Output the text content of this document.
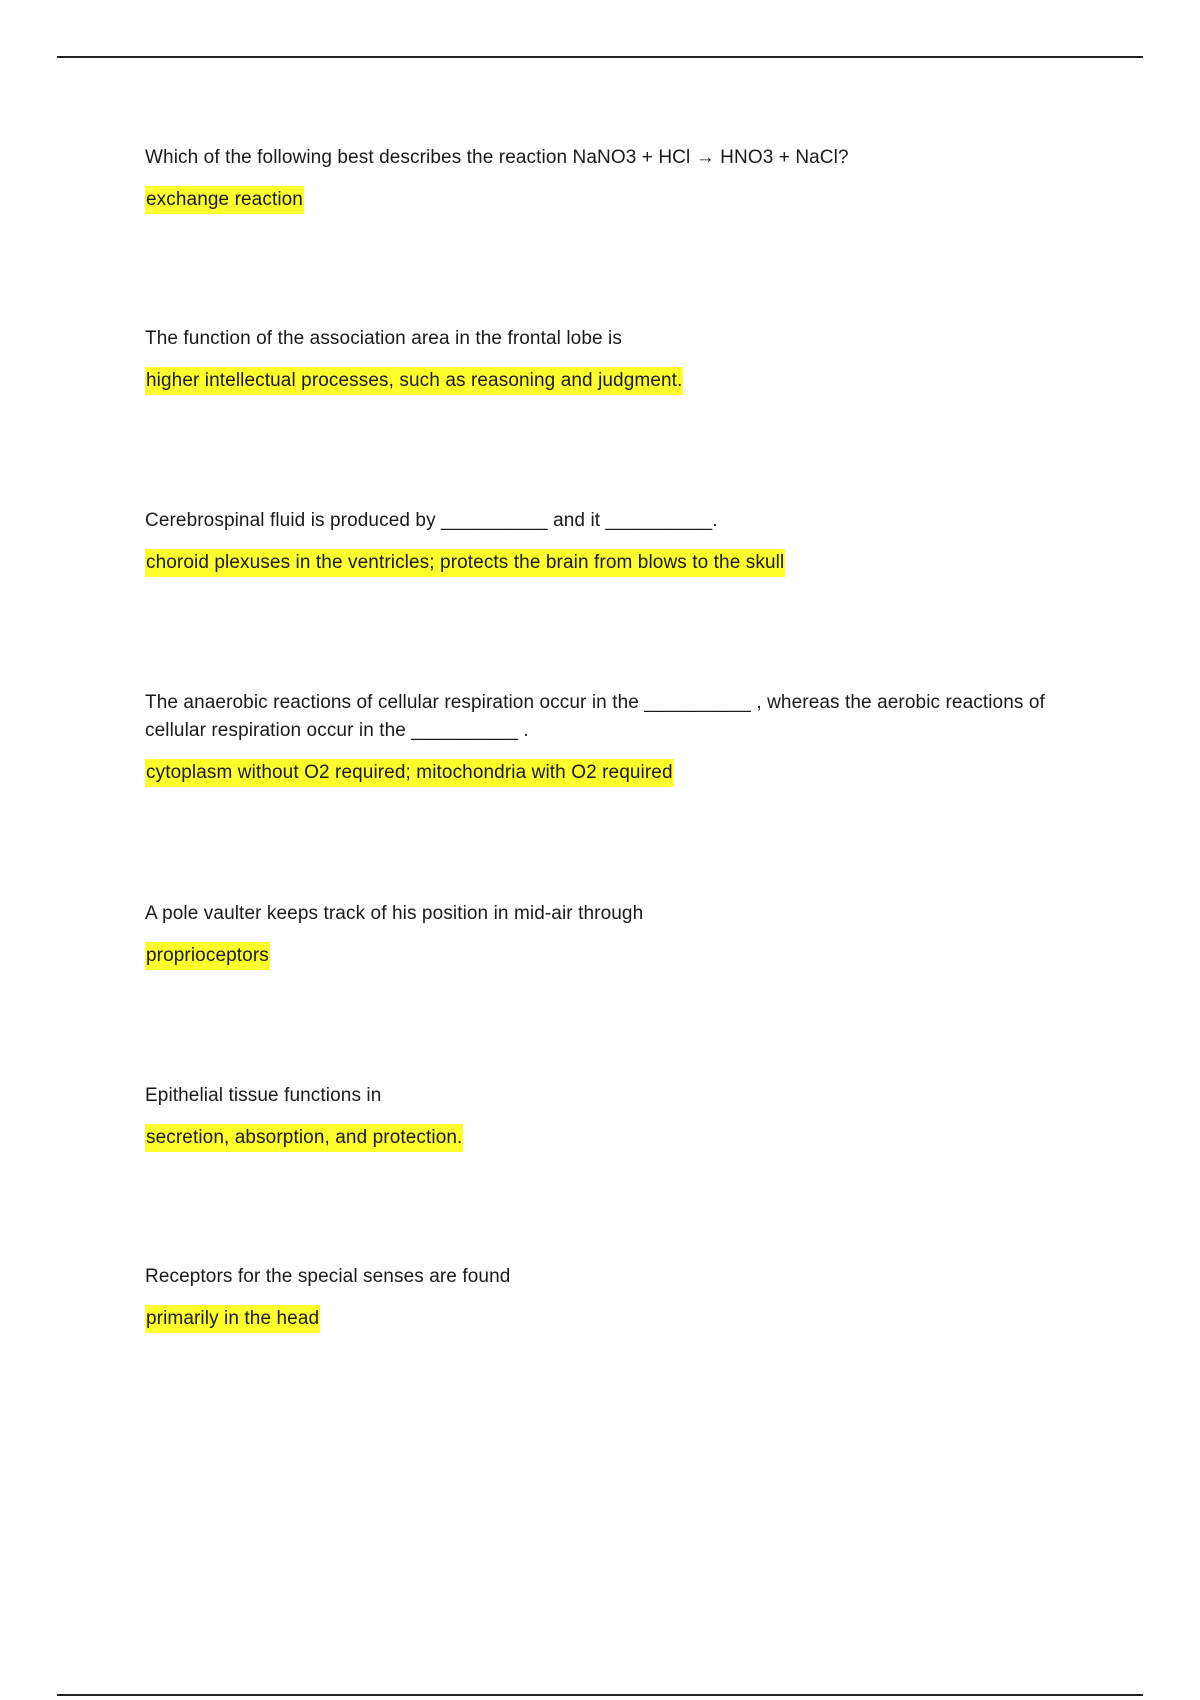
Which of the following best describes the reaction NaNO3 + HCl → HNO3 + NaCl?

exchange reaction

The function of the association area in the frontal lobe is

higher intellectual processes, such as reasoning and judgment.

Cerebrospinal fluid is produced by __________ and it __________.

choroid plexuses in the ventricles; protects the brain from blows to the skull

The anaerobic reactions of cellular respiration occur in the __________ , whereas the aerobic reactions of cellular respiration occur in the __________ .

cytoplasm without O2 required; mitochondria with O2 required

A pole vaulter keeps track of his position in mid-air through

proprioceptors

Epithelial tissue functions in

secretion, absorption, and protection.

Receptors for the special senses are found

primarily in the head
